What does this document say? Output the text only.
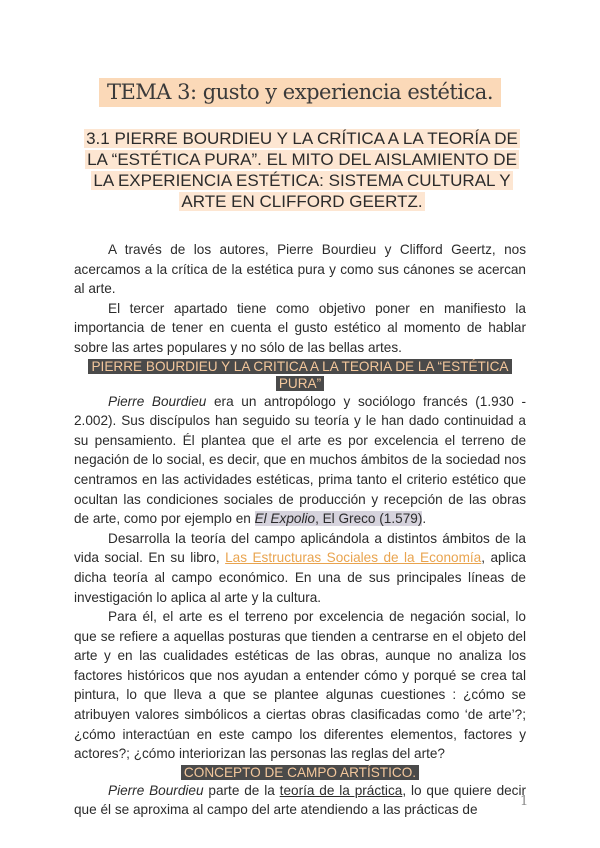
TEMA 3: gusto y experiencia estética.
3.1 PIERRE BOURDIEU Y LA CRÍTICA A LA TEORÍA DE LA “ESTÉTICA PURA”. EL MITO DEL AISLAMIENTO DE LA EXPERIENCIA ESTÉTICA: SISTEMA CULTURAL Y ARTE EN CLIFFORD GEERTZ.

A través de los autores, Pierre Bourdieu y Clifford Geertz, nos acercamos a la crítica de la estética pura y como sus cánones se acercan al arte.

El tercer apartado tiene como objetivo poner en manifiesto la importancia de tener en cuenta el gusto estético al momento de hablar sobre las artes populares y no sólo de las bellas artes.

PIERRE BOURDIEU Y LA CRITICA A LA TEORIA DE LA “ESTÉTICA PURA”

Pierre Bourdieu era un antropólogo y sociólogo francés (1.930 - 2.002). Sus discípulos han seguido su teoría y le han dado continuidad a su pensamiento. Él plantea que el arte es por excelencia el terreno de negación de lo social, es decir, que en muchos ámbitos de la sociedad nos centramos en las actividades estéticas, prima tanto el criterio estético que ocultan las condiciones sociales de producción y recepción de las obras de arte, como por ejemplo en El Expolio, El Greco (1.579).

Desarrolla la teoría del campo aplicándola a distintos ámbitos de la vida social. En su libro, Las Estructuras Sociales de la Economía, aplica dicha teoría al campo económico. En una de sus principales líneas de investigación lo aplica al arte y la cultura.

Para él, el arte es el terreno por excelencia de negación social, lo que se refiere a aquellas posturas que tienden a centrarse en el objeto del arte y en las cualidades estéticas de las obras, aunque no analiza los factores históricos que nos ayudan a entender cómo y porqué se crea tal pintura, lo que lleva a que se plantee algunas cuestiones : ¿cómo se atribuyen valores simbólicos a ciertas obras clasificadas como ‘de arte’?; ¿cómo interactúan en este campo los diferentes elementos, factores y actores?; ¿cómo interiorizan las personas las reglas del arte?

CONCEPTO DE CAMPO ARTÍSTICO.

Pierre Bourdieu parte de la teoría de la práctica, lo que quiere decir que él se aproxima al campo del arte atendiendo a las prácticas de

1
